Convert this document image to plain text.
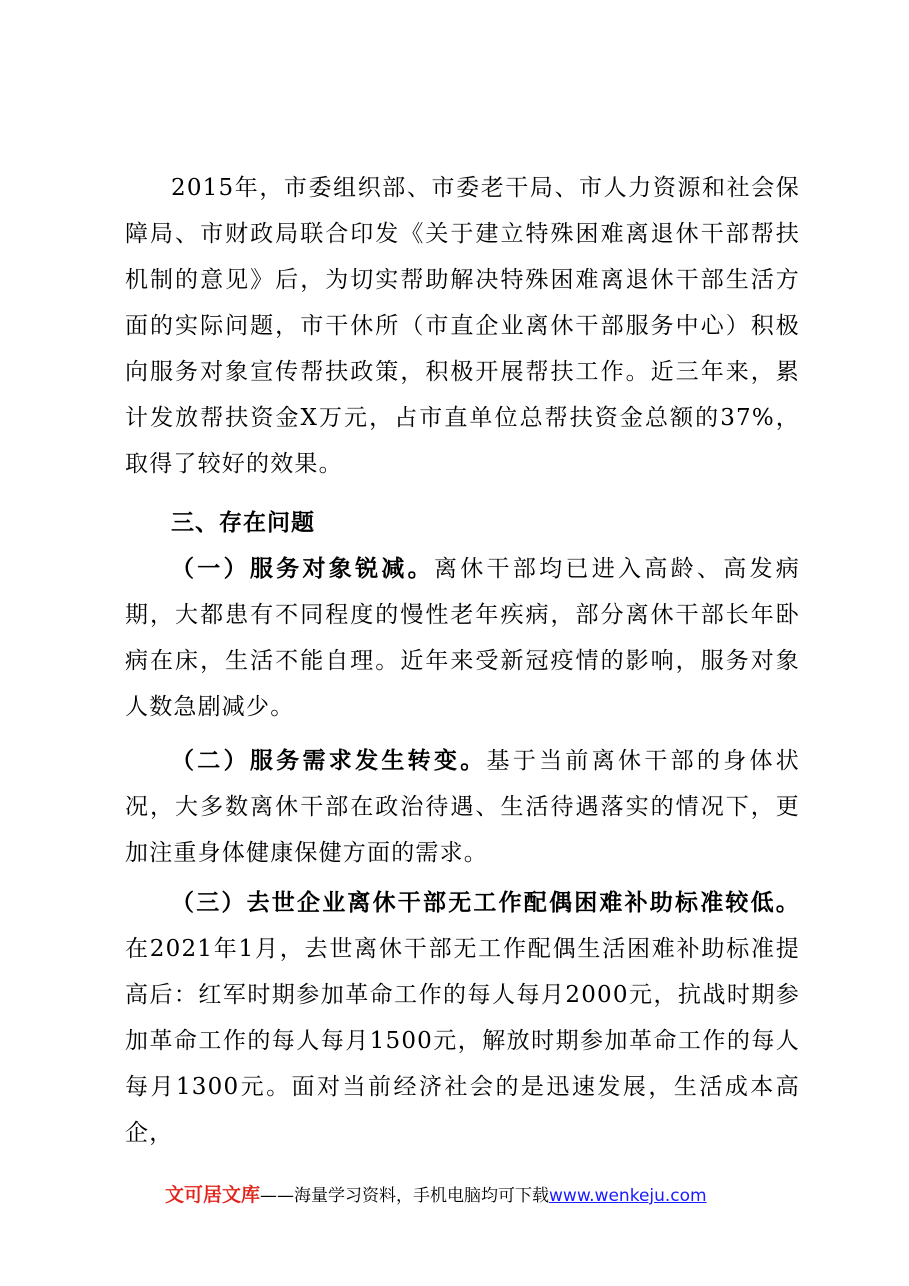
2015年，市委组织部、市委老干局、市人力资源和社会保障局、市财政局联合印发《关于建立特殊困难离退休干部帮扶机制的意见》后，为切实帮助解决特殊困难离退休干部生活方面的实际问题，市干休所（市直企业离休干部服务中心）积极向服务对象宣传帮扶政策，积极开展帮扶工作。近三年来，累计发放帮扶资金X万元，占市直单位总帮扶资金总额的37%，取得了较好的效果。

三、存在问题

（一）服务对象锐减。离休干部均已进入高龄、高发病期，大都患有不同程度的慢性老年疾病，部分离休干部长年卧病在床，生活不能自理。近年来受新冠疫情的影响，服务对象人数急剧减少。

（二）服务需求发生转变。基于当前离休干部的身体状况，大多数离休干部在政治待遇、生活待遇落实的情况下，更加注重身体健康保健方面的需求。

（三）去世企业离休干部无工作配偶困难补助标准较低。在2021年1月，去世离休干部无工作配偶生活困难补助标准提高后：红军时期参加革命工作的每人每月2000元，抗战时期参加革命工作的每人每月1500元，解放时期参加革命工作的每人每月1300元。面对当前经济社会的是迅速发展，生活成本高企，

文可居文库——海量学习资料，手机电脑均可下载www.wenkeju.com
